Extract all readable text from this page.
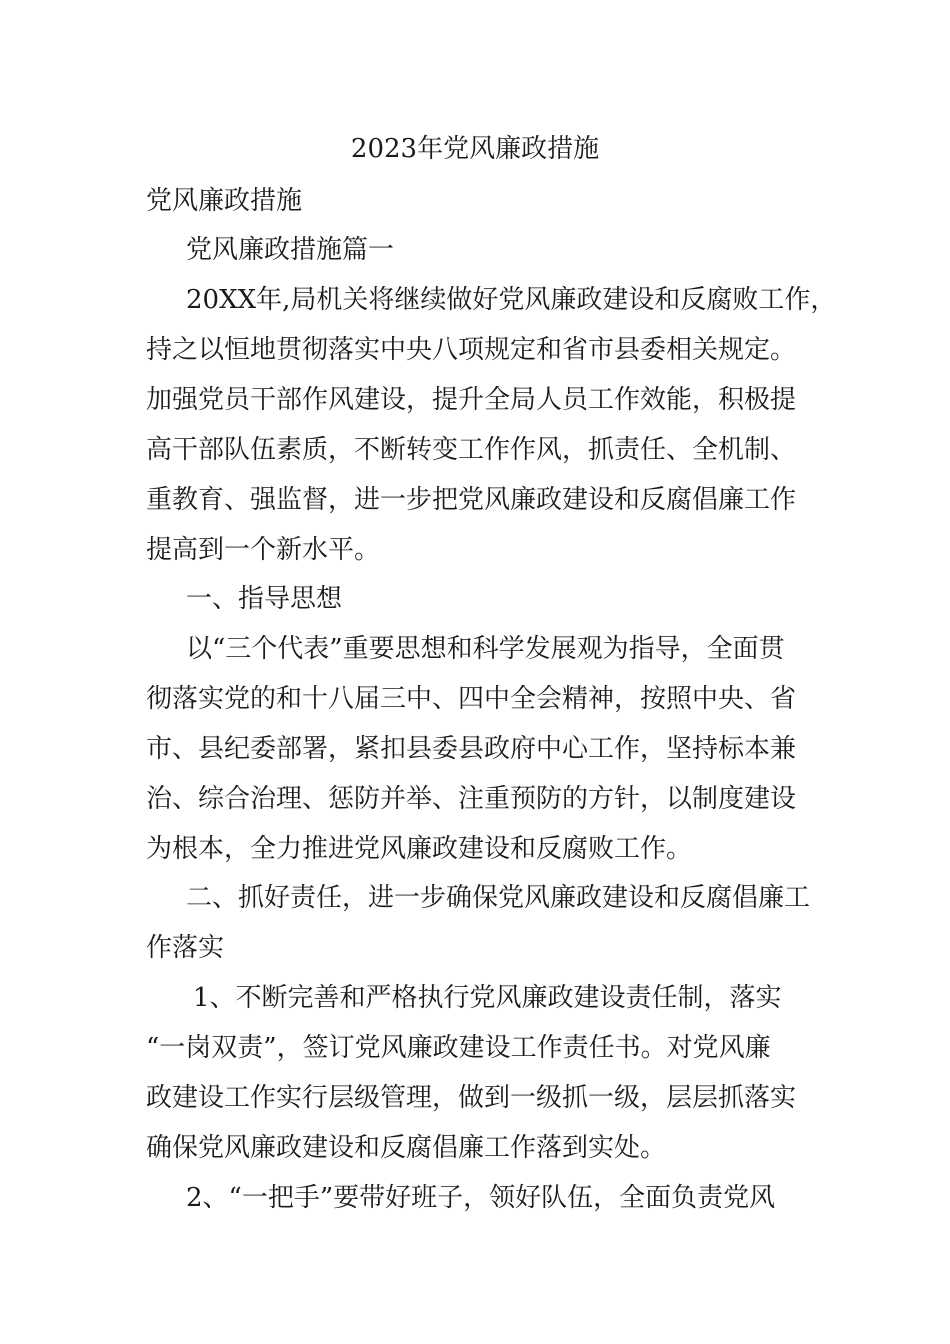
2023年党风廉政措施
党风廉政措施
党风廉政措施篇一
20XX年,局机关将继续做好党风廉政建设和反腐败工作，
持之以恒地贯彻落实中央八项规定和省市县委相关规定。
加强党员干部作风建设，提升全局人员工作效能，积极提
高干部队伍素质，不断转变工作作风，抓责任、全机制、
重教育、强监督，进一步把党风廉政建设和反腐倡廉工作
提高到一个新水平。
一、指导思想
以“三个代表”重要思想和科学发展观为指导，全面贯
彻落实党的和十八届三中、四中全会精神，按照中央、省
市、县纪委部署，紧扣县委县政府中心工作，坚持标本兼
治、综合治理、惩防并举、注重预防的方针，以制度建设
为根本，全力推进党风廉政建设和反腐败工作。
二、抓好责任，进一步确保党风廉政建设和反腐倡廉工
作落实
1、不断完善和严格执行党风廉政建设责任制，落实
“一岗双责”，签订党风廉政建设工作责任书。对党风廉
政建设工作实行层级管理，做到一级抓一级，层层抓落实
确保党风廉政建设和反腐倡廉工作落到实处。
2、“一把手”要带好班子，领好队伍，全面负责党风
